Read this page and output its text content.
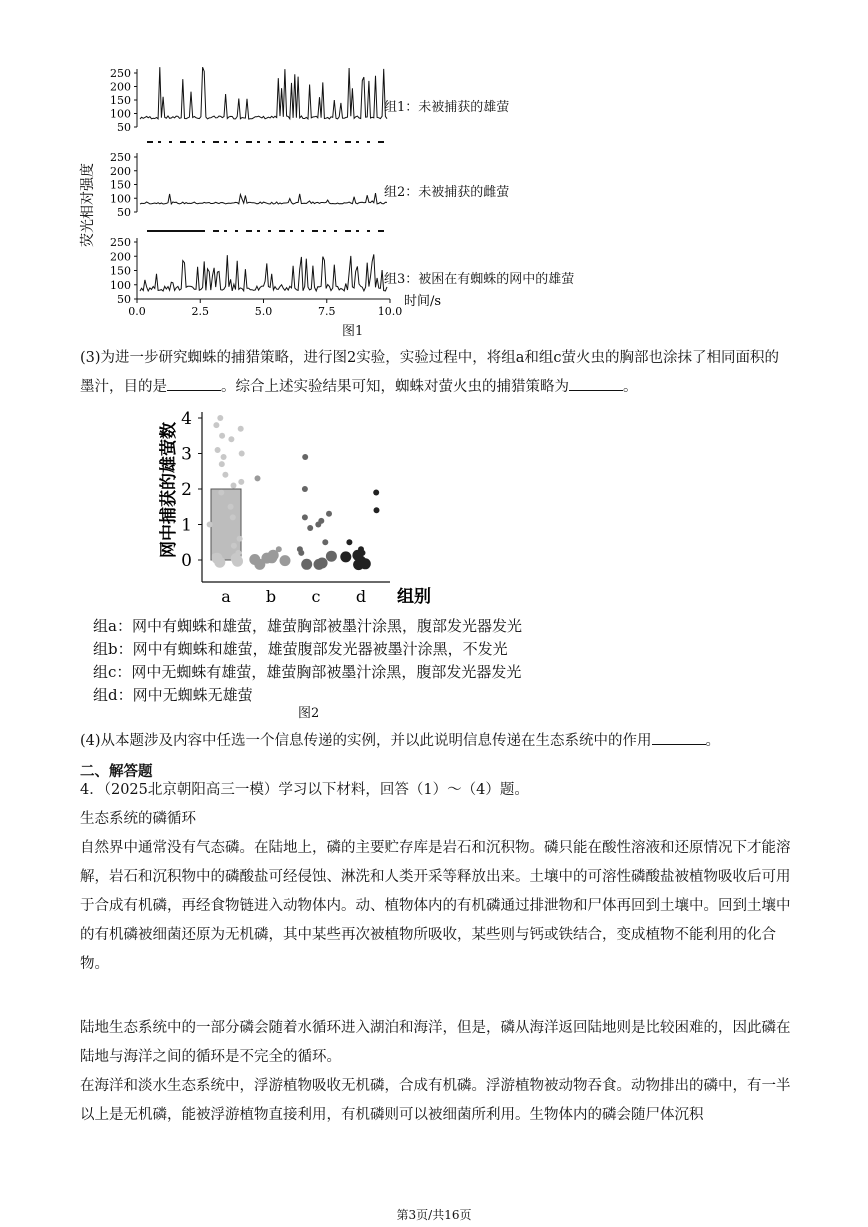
荧光相对强度
250
200
150
100
50
250
200
150
100
50
250
200
150
100
50
0.0	2.5	5.0	7.5	10.0
时间/s
组1：未被捕获的雄萤
组2：未被捕获的雌萤
组3：被困在有蜘蛛的网中的雄萤
图1
(3)为进一步研究蜘蛛的捕猎策略，进行图2实验，实验过程中，将组a和组c萤火虫的胸部也涂抹了相同面积的墨汁，目的是	。综合上述实验结果可知，蜘蛛对萤火虫的捕猎策略为	。
网中捕获的雄萤数
组别
0
1
2
3
4
a b c d
组a：网中有蜘蛛和雄萤，雄萤胸部被墨汁涂黑，腹部发光器发光
组b：网中有蜘蛛和雄萤，雄萤腹部发光器被墨汁涂黑，不发光
组c：网中无蜘蛛有雄萤，雄萤胸部被墨汁涂黑，腹部发光器发光
组d：网中无蜘蛛无雄萤
图2
(4)从本题涉及内容中任选一个信息传递的实例，并以此说明信息传递在生态系统中的作用	。
二、解答题
4．（2025北京朝阳高三一模）学习以下材料，回答（1）～（4）题。
生态系统的磷循环
自然界中通常没有气态磷。在陆地上，磷的主要贮存库是岩石和沉积物。磷只能在酸性溶液和还原情况下才能溶解，岩石和沉积物中的磷酸盐可经侵蚀、淋洗和人类开采等释放出来。土壤中的可溶性磷酸盐被植物吸收后可用于合成有机磷，再经食物链进入动物体内。动、植物体内的有机磷通过排泄物和尸体再回到土壤中。回到土壤中的有机磷被细菌还原为无机磷，其中某些再次被植物所吸收，某些则与钙或铁结合，变成植物不能利用的化合物。
陆地生态系统中的一部分磷会随着水循环进入湖泊和海洋，但是，磷从海洋返回陆地则是比较困难的，因此磷在陆地与海洋之间的循环是不完全的循环。
在海洋和淡水生态系统中，浮游植物吸收无机磷，合成有机磷。浮游植物被动物吞食。动物排出的磷中，有一半以上是无机磷，能被浮游植物直接利用，有机磷则可以被细菌所利用。生物体内的磷会随尸体沉积
第3页/共16页
